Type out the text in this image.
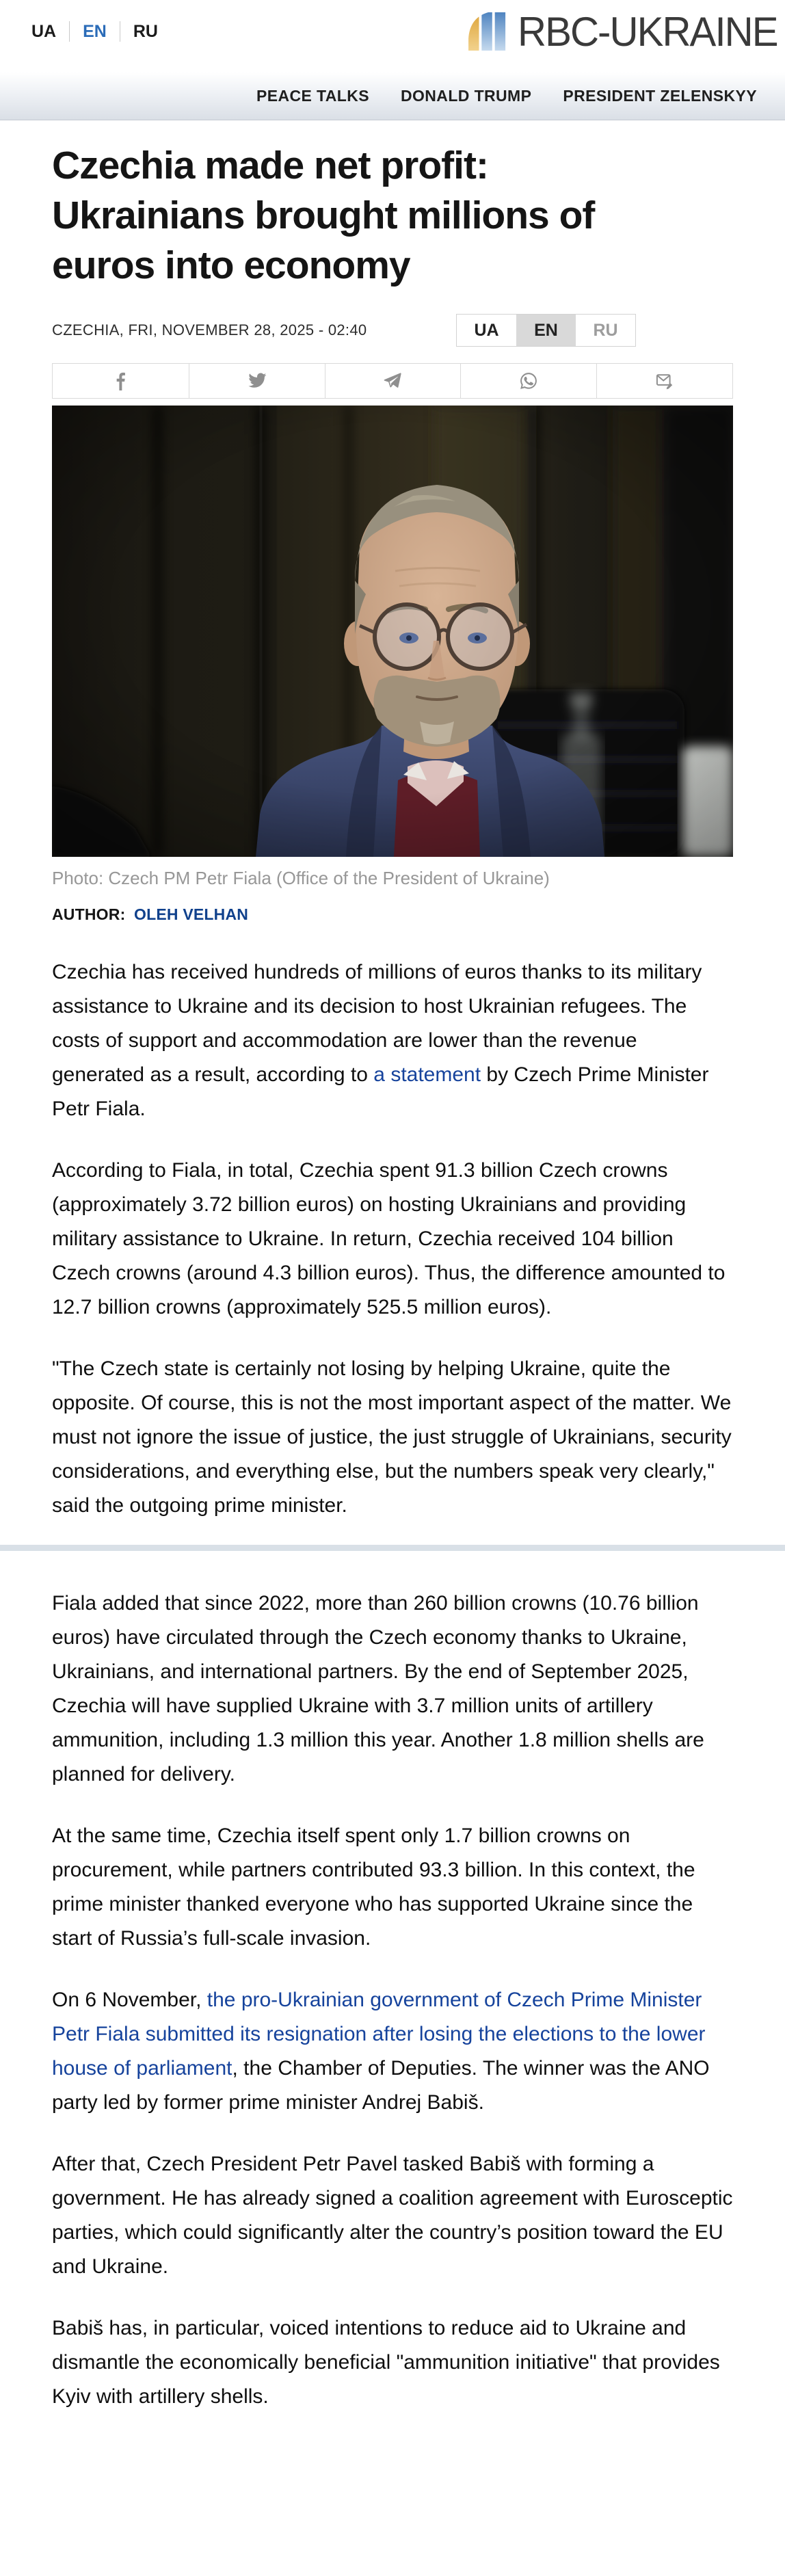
UA EN RU	RBC-UKRAINE
PEACE TALKS DONALD TRUMP PRESIDENT ZELENSKYY
Czechia made net profit:
Ukrainians brought millions of
euros into economy
CZECHIA, FRI, NOVEMBER 28, 2025 - 02:40	UA	EN	RU
Photo: Czech PM Petr Fiala (Office of the President of Ukraine)
AUTHOR: OLEH VELHAN

Czechia has received hundreds of millions of euros thanks to its military assistance to Ukraine and its decision to host Ukrainian refugees. The costs of support and accommodation are lower than the revenue generated as a result, according to a statement by Czech Prime Minister Petr Fiala.

According to Fiala, in total, Czechia spent 91.3 billion Czech crowns (approximately 3.72 billion euros) on hosting Ukrainians and providing military assistance to Ukraine. In return, Czechia received 104 billion Czech crowns (around 4.3 billion euros). Thus, the difference amounted to 12.7 billion crowns (approximately 525.5 million euros).

"The Czech state is certainly not losing by helping Ukraine, quite the opposite. Of course, this is not the most important aspect of the matter. We must not ignore the issue of justice, the just struggle of Ukrainians, security considerations, and everything else, but the numbers speak very clearly," said the outgoing prime minister.

Fiala added that since 2022, more than 260 billion crowns (10.76 billion euros) have circulated through the Czech economy thanks to Ukraine, Ukrainians, and international partners. By the end of September 2025, Czechia will have supplied Ukraine with 3.7 million units of artillery ammunition, including 1.3 million this year. Another 1.8 million shells are planned for delivery.

At the same time, Czechia itself spent only 1.7 billion crowns on procurement, while partners contributed 93.3 billion. In this context, the prime minister thanked everyone who has supported Ukraine since the start of Russia’s full-scale invasion.

On 6 November, the pro-Ukrainian government of Czech Prime Minister Petr Fiala submitted its resignation after losing the elections to the lower house of parliament, the Chamber of Deputies. The winner was the ANO party led by former prime minister Andrej Babiš.

After that, Czech President Petr Pavel tasked Babiš with forming a government. He has already signed a coalition agreement with Eurosceptic parties, which could significantly alter the country’s position toward the EU and Ukraine.

Babiš has, in particular, voiced intentions to reduce aid to Ukraine and dismantle the economically beneficial "ammunition initiative" that provides Kyiv with artillery shells.
